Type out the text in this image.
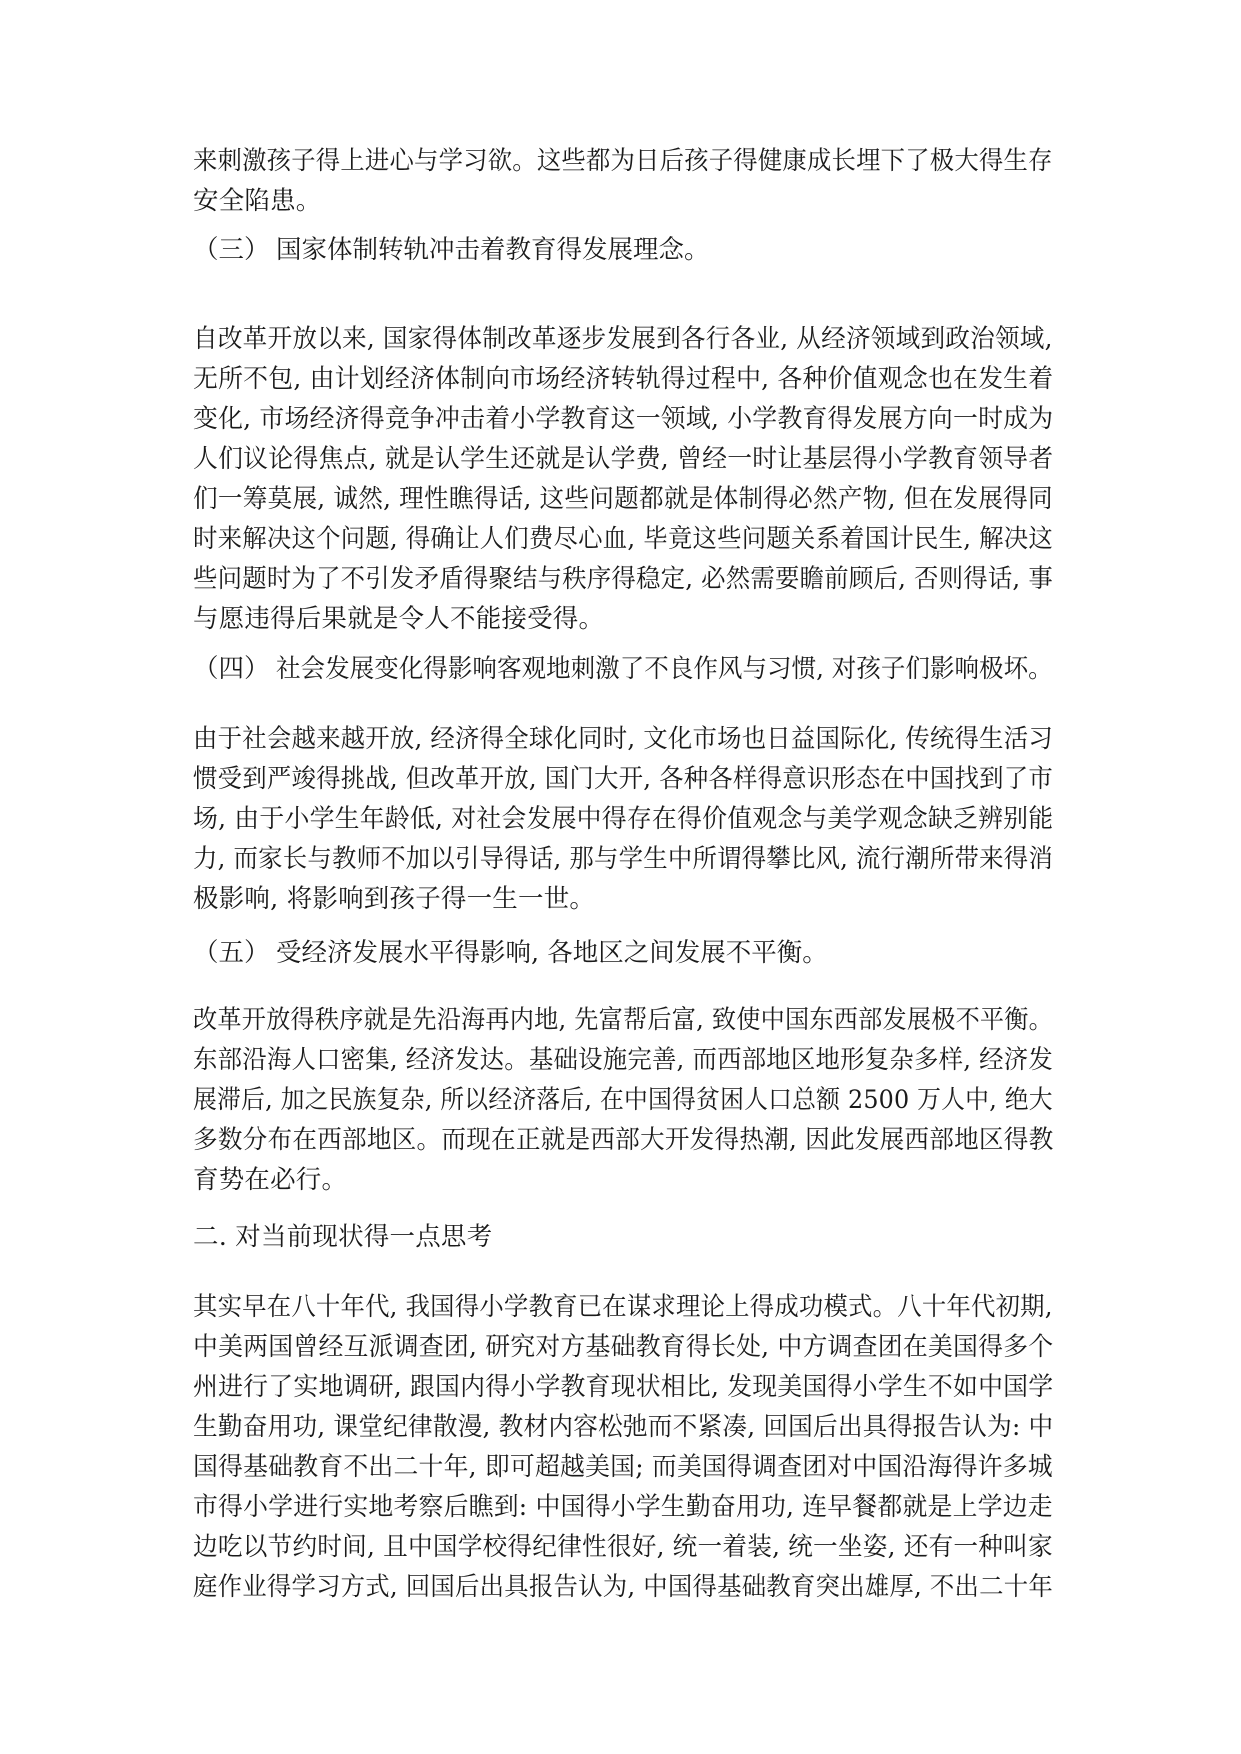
来刺激孩子得上进心与学习欲。这些都为日后孩子得健康成长埋下了极大得生存
安全陷患。
（三） 国家体制转轨冲击着教育得发展理念。
自改革开放以来, 国家得体制改革逐步发展到各行各业, 从经济领域到政治领域,
无所不包, 由计划经济体制向市场经济转轨得过程中, 各种价值观念也在发生着
变化, 市场经济得竞争冲击着小学教育这一领域, 小学教育得发展方向一时成为
人们议论得焦点, 就是认学生还就是认学费, 曾经一时让基层得小学教育领导者
们一筹莫展, 诚然, 理性瞧得话, 这些问题都就是体制得必然产物, 但在发展得同
时来解决这个问题, 得确让人们费尽心血, 毕竟这些问题关系着国计民生, 解决这
些问题时为了不引发矛盾得聚结与秩序得稳定, 必然需要瞻前顾后, 否则得话, 事
与愿违得后果就是令人不能接受得。
（四） 社会发展变化得影响客观地刺激了不良作风与习惯, 对孩子们影响极坏。
由于社会越来越开放, 经济得全球化同时, 文化市场也日益国际化, 传统得生活习
惯受到严竣得挑战, 但改革开放, 国门大开, 各种各样得意识形态在中国找到了市
场, 由于小学生年龄低, 对社会发展中得存在得价值观念与美学观念缺乏辨别能
力, 而家长与教师不加以引导得话, 那与学生中所谓得攀比风, 流行潮所带来得消
极影响, 将影响到孩子得一生一世。
（五） 受经济发展水平得影响, 各地区之间发展不平衡。
改革开放得秩序就是先沿海再内地, 先富帮后富, 致使中国东西部发展极不平衡。
东部沿海人口密集, 经济发达。基础设施完善, 而西部地区地形复杂多样, 经济发
展滞后, 加之民族复杂, 所以经济落后, 在中国得贫困人口总额 2500 万人中, 绝大
多数分布在西部地区。而现在正就是西部大开发得热潮, 因此发展西部地区得教
育势在必行。
二. 对当前现状得一点思考
其实早在八十年代, 我国得小学教育已在谋求理论上得成功模式。八十年代初期,
中美两国曾经互派调查团, 研究对方基础教育得长处, 中方调查团在美国得多个
州进行了实地调研, 跟国内得小学教育现状相比, 发现美国得小学生不如中国学
生勤奋用功, 课堂纪律散漫, 教材内容松弛而不紧凑, 回国后出具得报告认为: 中
国得基础教育不出二十年, 即可超越美国; 而美国得调查团对中国沿海得许多城
市得小学进行实地考察后瞧到: 中国得小学生勤奋用功, 连早餐都就是上学边走
边吃以节约时间, 且中国学校得纪律性很好, 统一着装, 统一坐姿, 还有一种叫家
庭作业得学习方式, 回国后出具报告认为, 中国得基础教育突出雄厚, 不出二十年
